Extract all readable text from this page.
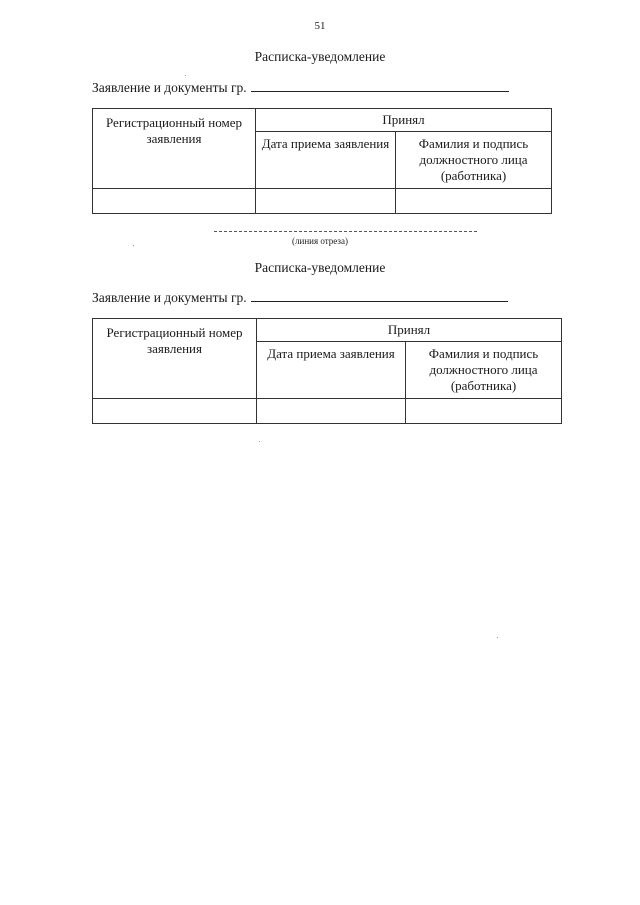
51
Расписка-уведомление
Заявление и документы гр.
Регистрационный номер заявления	Принял	
	Дата приема заявления	Фамилия и подпись должностного лица (работника)

(линия отреза)
Расписка-уведомление
Заявление и документы гр.
Регистрационный номер заявления	Принял	
	Дата приема заявления	Фамилия и подпись должностного лица (работника)
